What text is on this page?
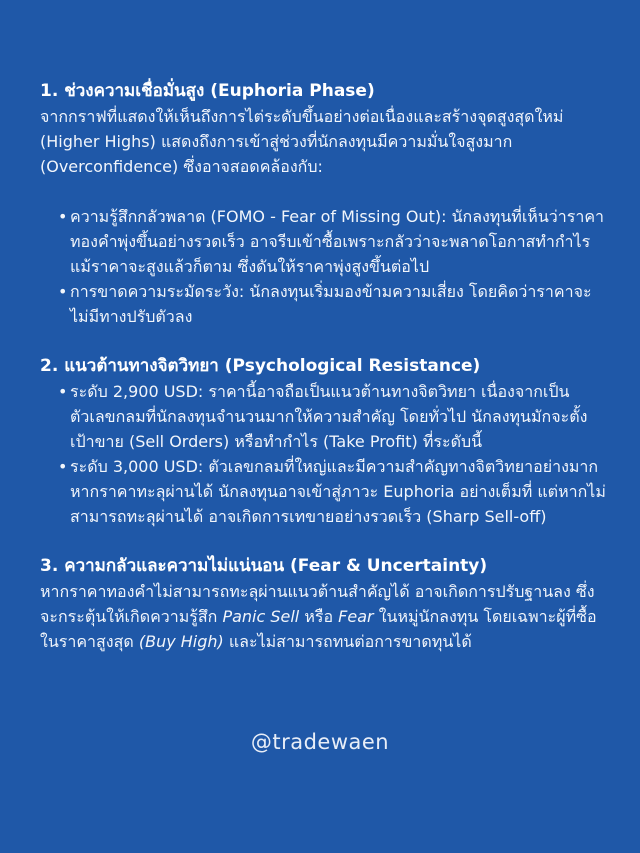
1. ช่วงความเชื่อมั่นสูง (Euphoria Phase)

จากกราฟที่แสดงให้เห็นถึงการไต่ระดับขึ้นอย่างต่อเนื่องและสร้างจุดสูงสุดใหม่ (Higher Highs) แสดงถึงการเข้าสู่ช่วงที่นักลงทุนมีความมั่นใจสูงมาก (Overconfidence) ซึ่งอาจสอดคล้องกับ:

• ความรู้สึกกลัวพลาด (FOMO - Fear of Missing Out): นักลงทุนที่เห็นว่าราคาทองคำพุ่งขึ้นอย่างรวดเร็ว อาจรีบเข้าซื้อเพราะกลัวว่าจะพลาดโอกาสทำกำไร แม้ราคาจะสูงแล้วก็ตาม ซึ่งดันให้ราคาพุ่งสูงขึ้นต่อไป
• การขาดความระมัดระวัง: นักลงทุนเริ่มมองข้ามความเสี่ยง โดยคิดว่าราคาจะไม่มีทางปรับตัวลง

2. แนวต้านทางจิตวิทยา (Psychological Resistance)

• ระดับ 2,900 USD: ราคานี้อาจถือเป็นแนวต้านทางจิตวิทยา เนื่องจากเป็นตัวเลขกลมที่นักลงทุนจำนวนมากให้ความสำคัญ โดยทั่วไป นักลงทุนมักจะตั้งเป้าขาย (Sell Orders) หรือทำกำไร (Take Profit) ที่ระดับนี้
• ระดับ 3,000 USD: ตัวเลขกลมที่ใหญ่และมีความสำคัญทางจิตวิทยาอย่างมาก หากราคาทะลุผ่านได้ นักลงทุนอาจเข้าสู่ภาวะ Euphoria อย่างเต็มที่ แต่หากไม่สามารถทะลุผ่านได้ อาจเกิดการเทขายอย่างรวดเร็ว (Sharp Sell-off)

3. ความกลัวและความไม่แน่นอน (Fear & Uncertainty)

หากราคาทองคำไม่สามารถทะลุผ่านแนวต้านสำคัญได้ อาจเกิดการปรับฐานลง ซึ่งจะกระตุ้นให้เกิดความรู้สึก Panic Sell หรือ Fear ในหมู่นักลงทุน โดยเฉพาะผู้ที่ซื้อในราคาสูงสุด (Buy High) และไม่สามารถทนต่อการขาดทุนได้

@tradewaen
